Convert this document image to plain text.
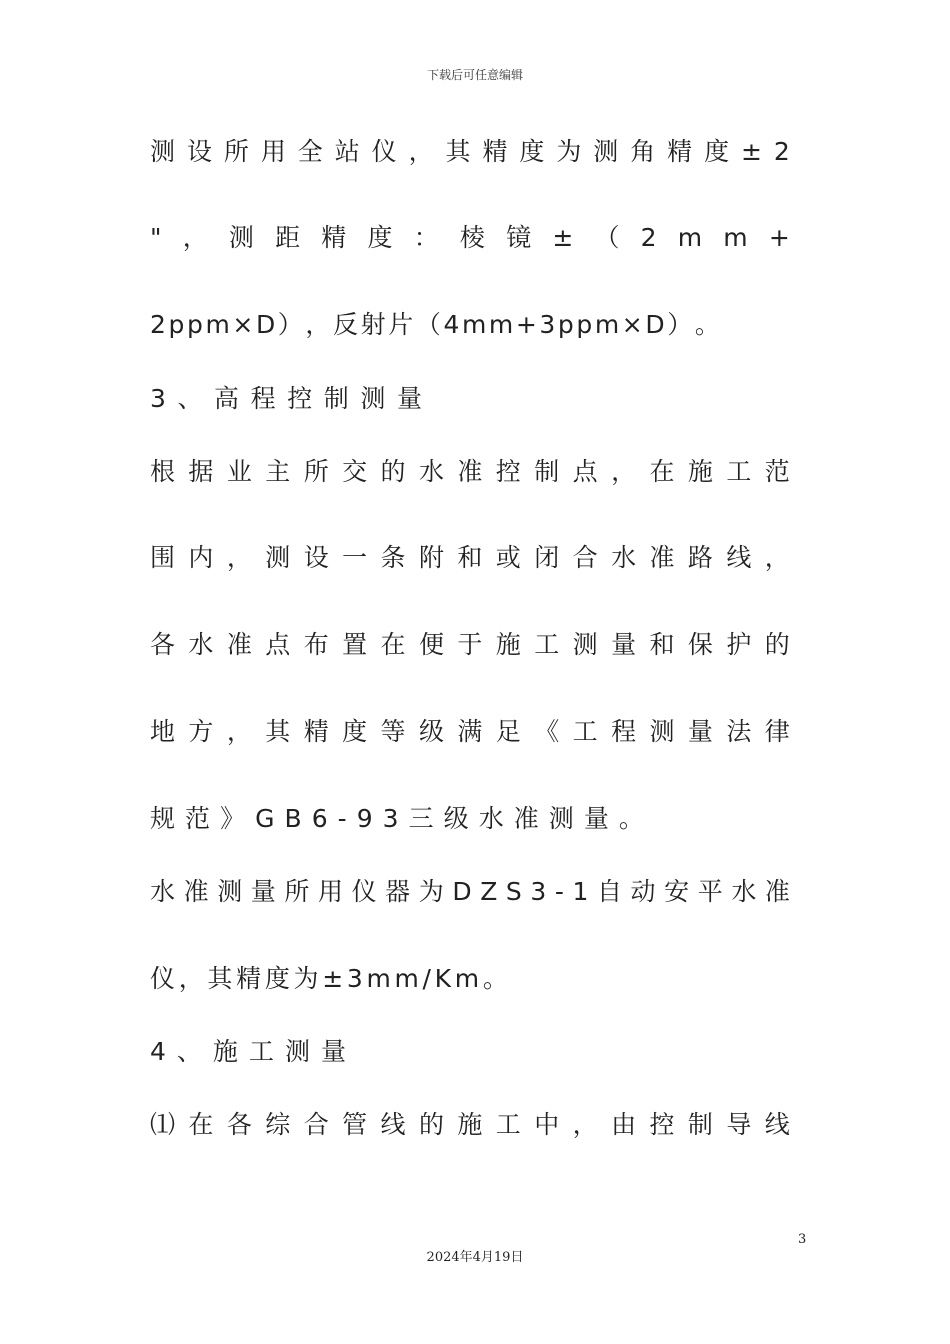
下载后可任意编辑
测 设 所 用 全 站 仪 ， 其 精 度 为 测 角 精 度 ± 2
" ， 测 距 精 度 ： 棱 镜 ± （ 2 m m +
2 p p m × D ） ， 反 射 片 （ 4 m m + 3 p p m × D ） 。
3 、 高 程 控 制 测 量
根 据 业 主 所 交 的 水 准 控 制 点 ， 在 施 工 范
围 内 ， 测 设 一 条 附 和 或 闭 合 水 准 路 线 ，
各 水 准 点 布 置 在 便 于 施 工 测 量 和 保 护 的
地 方 ， 其 精 度 等 级 满 足 《 工 程 测 量 法 律
规 范 》 G B 6 - 9 3 三 级 水 准 测 量 。
水 准 测 量 所 用 仪 器 为 D Z S 3 - 1 自 动 安 平 水 准
仪 ， 其 精 度 为 ± 3 m m / K m 。
4 、 施 工 测 量
⑴ 在 各 综 合 管 线 的 施 工 中 ， 由 控 制 导 线
3
2024年4月19日
